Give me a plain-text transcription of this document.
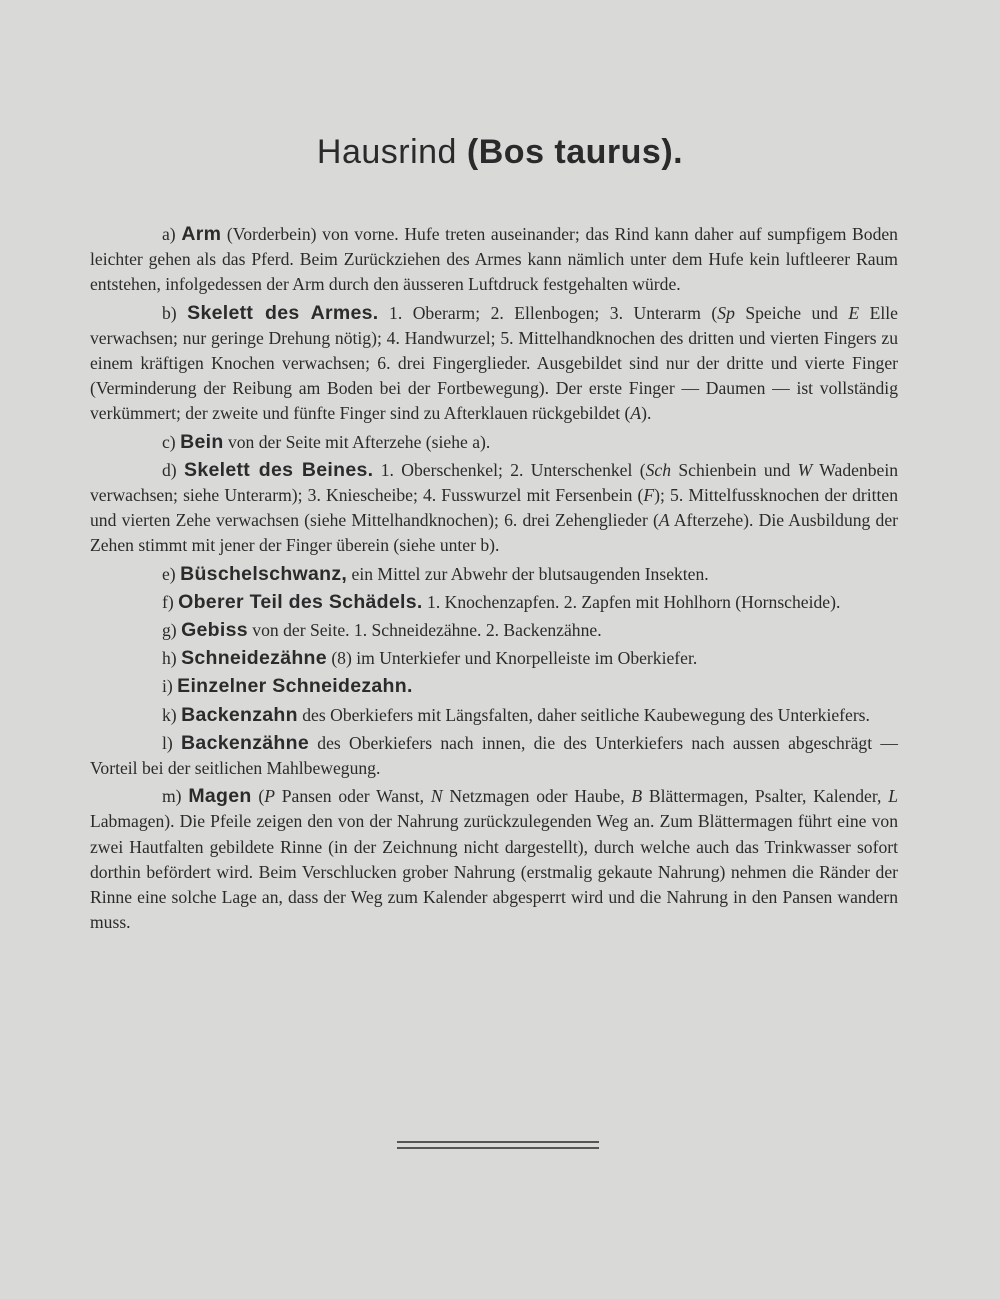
Hausrind (Bos taurus).

a) Arm (Vorderbein) von vorne. Hufe treten auseinander; das Rind kann daher auf sumpfigem Boden leichter gehen als das Pferd. Beim Zurückziehen des Armes kann nämlich unter dem Hufe kein luftleerer Raum entstehen, infolgedessen der Arm durch den äusseren Luftdruck festgehalten würde.

b) Skelett des Armes. 1. Oberarm; 2. Ellenbogen; 3. Unterarm (Sp Speiche und E Elle verwachsen; nur geringe Drehung nötig); 4. Handwurzel; 5. Mittelhandknochen des dritten und vierten Fingers zu einem kräftigen Knochen verwachsen; 6. drei Fingerglieder. Ausgebildet sind nur der dritte und vierte Finger (Verminderung der Reibung am Boden bei der Fortbewegung). Der erste Finger — Daumen — ist vollständig verkümmert; der zweite und fünfte Finger sind zu Afterklauen rückgebildet (A).

c) Bein von der Seite mit Afterzehe (siehe a).

d) Skelett des Beines. 1. Oberschenkel; 2. Unterschenkel (Sch Schienbein und W Wadenbein verwachsen; siehe Unterarm); 3. Kniescheibe; 4. Fusswurzel mit Fersenbein (F); 5. Mittelfussknochen der dritten und vierten Zehe verwachsen (siehe Mittelhandknochen); 6. drei Zehenglieder (A Afterzehe). Die Ausbildung der Zehen stimmt mit jener der Finger überein (siehe unter b).

e) Büschelschwanz, ein Mittel zur Abwehr der blutsaugenden Insekten.

f) Oberer Teil des Schädels. 1. Knochenzapfen. 2. Zapfen mit Hohlhorn (Hornscheide).

g) Gebiss von der Seite. 1. Schneidezähne. 2. Backenzähne.

h) Schneidezähne (8) im Unterkiefer und Knorpelleiste im Oberkiefer.

i) Einzelner Schneidezahn.

k) Backenzahn des Oberkiefers mit Längsfalten, daher seitliche Kaubewegung des Unterkiefers.

l) Backenzähne des Oberkiefers nach innen, die des Unterkiefers nach aussen abgeschrägt — Vorteil bei der seitlichen Mahlbewegung.

m) Magen (P Pansen oder Wanst, N Netzmagen oder Haube, B Blättermagen, Psalter, Kalender, L Labmagen). Die Pfeile zeigen den von der Nahrung zurückzulegenden Weg an. Zum Blättermagen führt eine von zwei Hautfalten gebildete Rinne (in der Zeichnung nicht dargestellt), durch welche auch das Trinkwasser sofort dorthin befördert wird. Beim Verschlucken grober Nahrung (erstmalig gekaute Nahrung) nehmen die Ränder der Rinne eine solche Lage an, dass der Weg zum Kalender abgesperrt wird und die Nahrung in den Pansen wandern muss.
